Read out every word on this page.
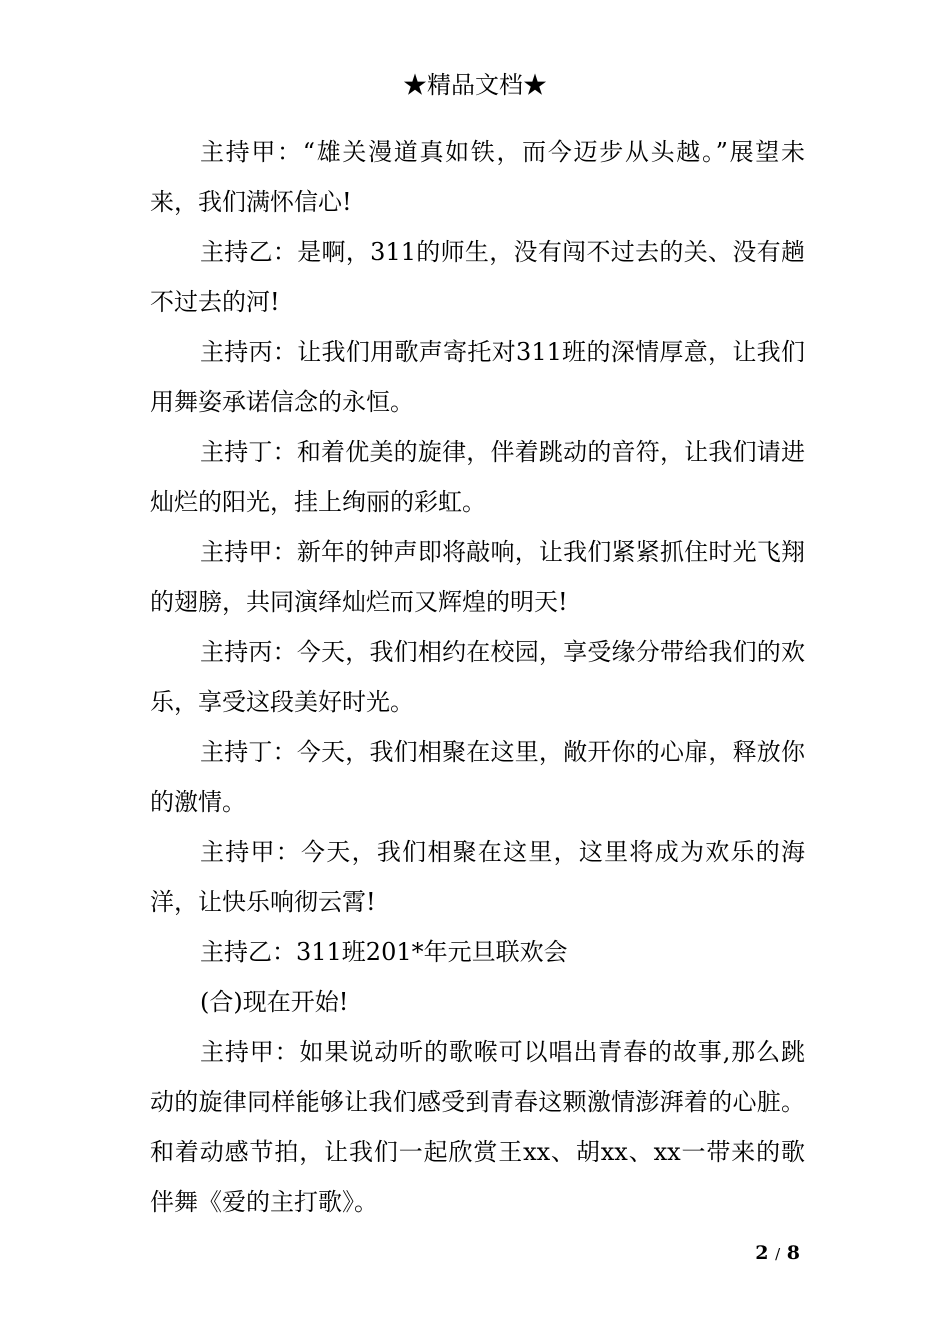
★精品文档★

主持甲：“雄关漫道真如铁，而今迈步从头越。”展望未来，我们满怀信心!

主持乙：是啊，311的师生，没有闯不过去的关、没有趟不过去的河!

主持丙：让我们用歌声寄托对311班的深情厚意，让我们用舞姿承诺信念的永恒。

主持丁：和着优美的旋律，伴着跳动的音符，让我们请进灿烂的阳光，挂上绚丽的彩虹。

主持甲：新年的钟声即将敲响，让我们紧紧抓住时光飞翔的翅膀，共同演绎灿烂而又辉煌的明天!

主持丙：今天，我们相约在校园，享受缘分带给我们的欢乐，享受这段美好时光。

主持丁：今天，我们相聚在这里，敞开你的心扉，释放你的激情。

主持甲：今天，我们相聚在这里，这里将成为欢乐的海洋，让快乐响彻云霄!

主持乙：311班201*年元旦联欢会

(合)现在开始!

主持甲：如果说动听的歌喉可以唱出青春的故事,那么跳动的旋律同样能够让我们感受到青春这颗激情澎湃着的心脏。和着动感节拍，让我们一起欣赏王xx、胡xx、xx一带来的歌伴舞《爱的主打歌》。

2 / 8
